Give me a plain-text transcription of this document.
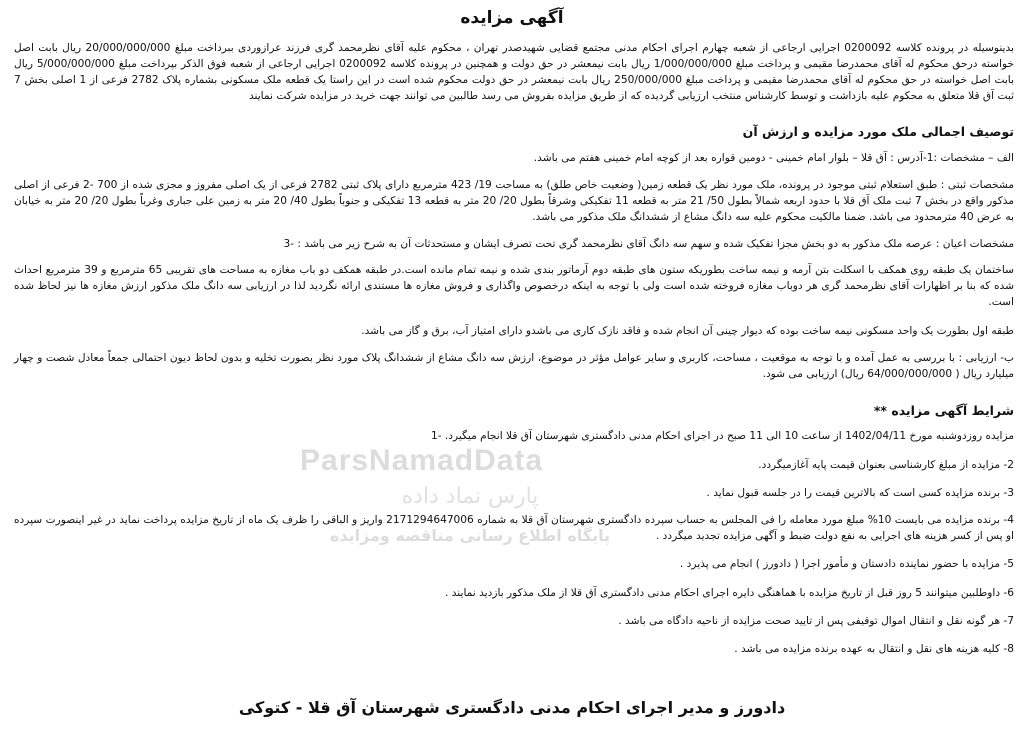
آگهی مزایده

بدینوسیله در پرونده کلاسه 0200092 اجرایی ارجاعی از شعبه چهارم اجرای احکام مدنی مجتمع قضایی شهیدصدر تهران ، محکوم علیه آقای نظرمحمد گری فرزند عرازوردی ببرداخت مبلغ 20/000/000/000 ریال بابت اصل خواسته درحق محکوم له آقای محمدرضا مقیمی و پرداخت مبلغ 1/000/000/000 ریال بابت نیمعشر در حق دولت و همچنین در پرونده کلاسه 0200092 اجرایی ارجاعی از شعبه فوق الذکر بپرداخت مبلغ 5/000/000/000 ریال بابت اصل خواسته در حق محکوم له آقای محمدرضا مقیمی و پرداخت مبلغ 250/000/000 ریال بابت نیمعشر در حق دولت محکوم شده است در این راستا یک قطعه ملک مسکونی بشماره پلاک 2782 فرعی از 1 اصلی بخش 7 ثبت آق قلا متعلق به محکوم علیه بازداشت و توسط کارشناس منتخب ارزیابی گردیده که از طریق مزایده بفروش می رسد طالبین می توانند جهت خرید در مزایده شرکت نمایند

توصیف اجمالی ملک مورد مزایده و ارزش آن

الف – مشخصات :1-آدرس : آق قلا – بلوار امام خمینی - دومین قواره بعد از کوچه امام خمینی هفتم می باشد.

مشخصات ثبتی : طبق استعلام ثبتی موجود در پرونده، ملک مورد نظر یک قطعه زمین( وضعیت خاص طلق) به مساحت 19/ 423 مترمربع دارای پلاک ثبتی 2782 فرعی از یک اصلی مفروز و مجزی شده از 700 -2 فرعی از اصلی مذکور واقع در بخش 7 ثبت ملک آق قلا با حدود اربعه شمالاً بطول 50/ 21 متر به قطعه 11 تفکیکی وشرقاً بطول 20/ 20 متر به قطعه 13 تفکیکی و جنوباً بطول 40/ 20 متر به زمین علی جباری وغرباً بطول 20/ 20 متر به خیابان به عرض 40 مترمحدود می باشد. ضمنا مالکیت محکوم علیه سه دانگ مشاع از ششدانگ ملک مذکور می باشد.

مشخصات اعیان : عرصه ملک مذکور به دو بخش مجزا تفکیک شده و سهم سه دانگ آقای نظرمحمد گری تحت تصرف ایشان و مستحدثات آن به شرح زیر می باشد : -3

ساختمان یک طبقه روی همکف با اسکلت بتن آرمه و نیمه ساخت بطوریکه ستون های طبقه دوم آرماتور بندی شده و نیمه تمام مانده است.در طبقه همکف دو باب مغازه به مساحت های تقریبی 65 مترمربع و 39 مترمربع احداث شده که بنا بر اظهارات آقای نظرمحمد گری هر دوباب مغازه فروخته شده است ولی با توجه به اینکه درخصوص واگذاری و فروش مغازه ها مستندی ارائه نگردید لذا در ارزیابی سه دانگ ملک مذکور ارزش مغازه ها نیز لحاظ شده است.

طبقه اول بطورت یک واحد مسکونی نیمه ساخت بوده که دیوار چینی آن انجام شده و فاقد نازک کاری می باشدو دارای امتیاز آب، برق و گاز می باشد.

ب- ارزیابی : با بررسی به عمل آمده و با توجه به موقعیت ، مساحت، کاربری و سایر عوامل مؤثر در موضوع، ارزش سه دانگ مشاع از ششدانگ پلاک مورد نظر بصورت تخلیه و بدون لحاظ دیون احتمالی جمعاً معادل شصت و چهار میلیارد ریال ( 64/000/000/000 ریال) ارزیابی می شود.

شرایط آگهی مزایده **

مزایده روزدوشنبه مورخ 1402/04/11 از ساعت 10 الی 11 صبح در اجرای احکام مدنی دادگستری شهرستان آق قلا انجام میگیرد. -1

2- مزایده از مبلغ کارشناسی بعنوان قیمت پایه آغازمیگردد.

3- برنده مزایده کسی است که بالاترین قیمت را در جلسه قبول نماید .

4- برنده مزایده می بایست 10% مبلغ مورد معامله را فی المجلس به حساب سپرده دادگستری شهرستان آق قلا به شماره 2171294647006 واریز و الباقی را ظرف یک ماه از تاریخ مزایده پرداخت نماید در غیر اینصورت سپرده او پس از کسر هزینه های اجرایی به نفع دولت ضبط و آگهی مزایده تجدید میگردد .

5- مزایده با حضور نماینده دادستان و مأمور اجرا ( دادورز ) انجام می پذیرد .

6- داوطلبین میتوانند 5 روز قبل از تاریخ مزایده با هماهنگی دایره اجرای احکام مدنی دادگستری آق قلا از ملک مذکور بازدید نمایند .

7- هر گونه نقل و انتقال اموال توقیفی پس از تایید صحت مزایده از ناحیه دادگاه می باشد .

8- کلیه هزینه های نقل و انتقال به عهده برنده مزایده می باشد .

دادورز و مدیر اجرای احکام مدنی دادگستری شهرستان آق قلا - کتوکی
ParsNamadData
پارس نماد داده
پایگاه اطلاع رسانی مناقصه ومزایده
